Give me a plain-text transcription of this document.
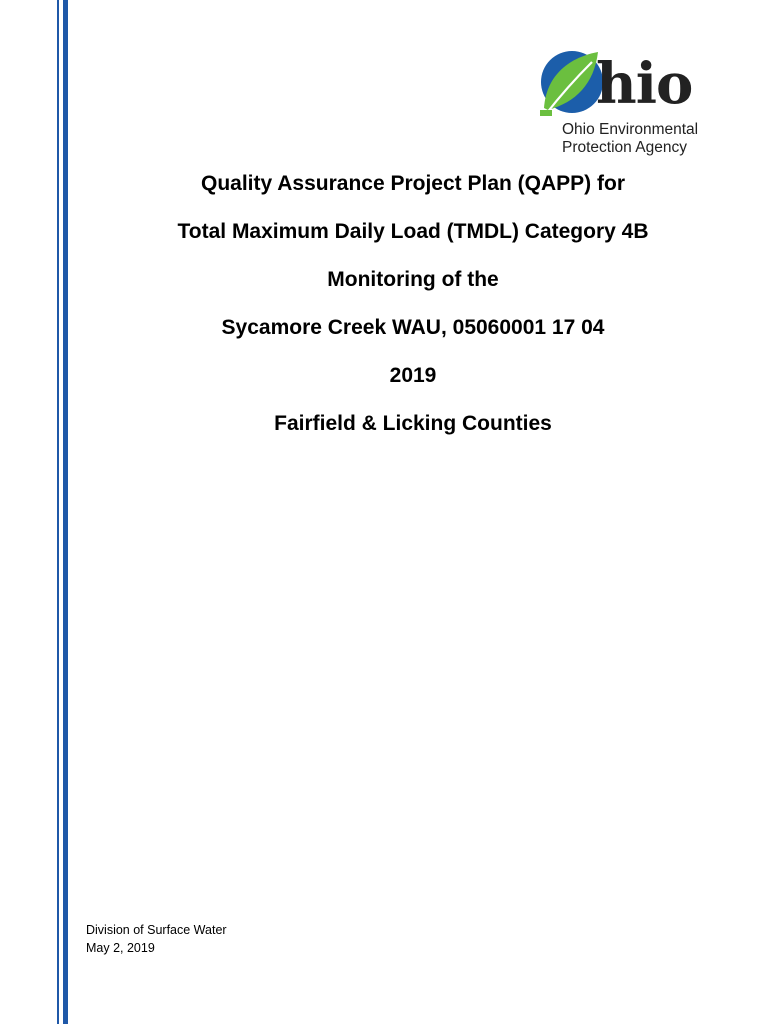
hio
Ohio Environmental
Protection Agency
Quality Assurance Project Plan (QAPP) for
Total Maximum Daily Load (TMDL) Category 4B
Monitoring of the
Sycamore Creek WAU, 05060001 17 04
2019
Fairfield & Licking Counties
Division of Surface Water
May 2, 2019
